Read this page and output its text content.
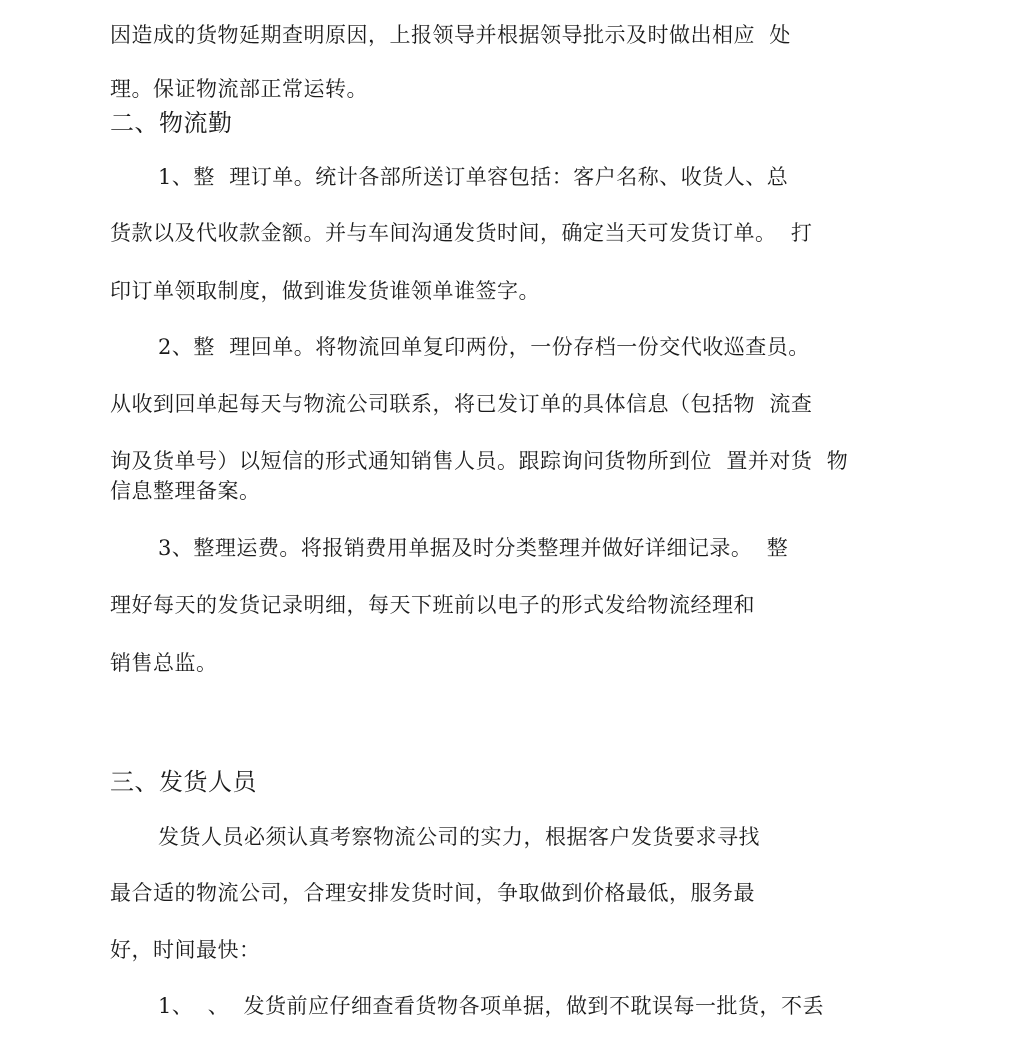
因造成的货物延期查明原因，上报领导并根据领导批示及时做出相应  处
理。保证物流部正常运转。
二、物流勤
1、整  理订单。统计各部所送订单容包括：客户名称、收货人、总
货款以及代收款金额。并与车间沟通发货时间，确定当天可发货订单。  打
印订单领取制度，做到谁发货谁领单谁签字。
2、整  理回单。将物流回单复印两份，一份存档一份交代收巡查员。
从收到回单起每天与物流公司联系，将已发订单的具体信息（包括物  流查
询及货单号）以短信的形式通知销售人员。跟踪询问货物所到位  置并对货  物
信息整理备案。
3、整理运费。将报销费用单据及时分类整理并做好详细记录。  整
理好每天的发货记录明细，每天下班前以电子的形式发给物流经理和
销售总监。
三、发货人员
发货人员必须认真考察物流公司的实力，根据客户发货要求寻找
最合适的物流公司，合理安排发货时间，争取做到价格最低，服务最
好，时间最快：
1、  、  发货前应仔细查看货物各项单据，做到不耽误每一批货，不丢
